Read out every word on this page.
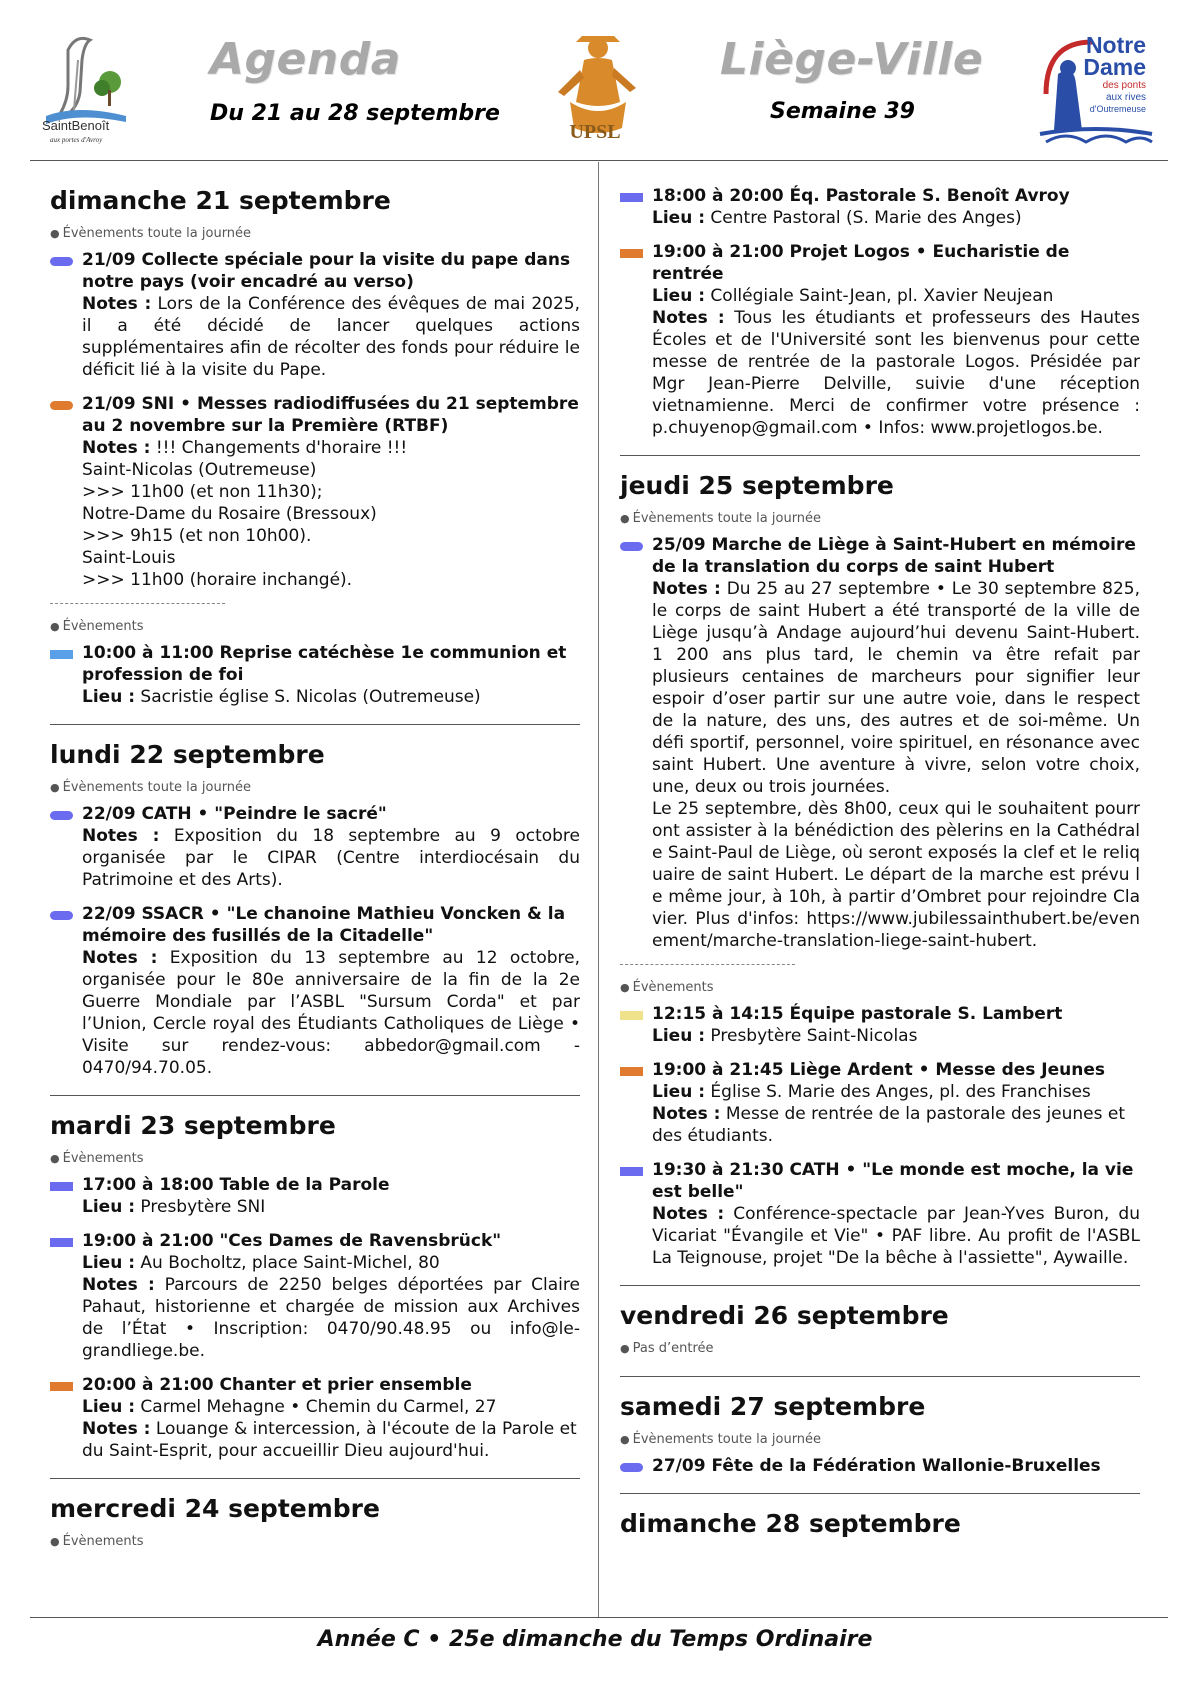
SaintBenoît
aux portes d'Avroy
Agenda
Du 21 au 28 septembre
UPSL
Liège-Ville
Semaine 39
Notre
Dame
des ponts
aux rives
d'Outremeuse
dimanche 21 septembre
● Évènements toute la journée
21/09 Collecte spéciale pour la visite du pape dans notre pays (voir encadré au verso)
Notes : Lors de la Conférence des évêques de mai 2025, il a été décidé de lancer quelques actions supplémentaires afin de récolter des fonds pour réduire le déficit lié à la visite du Pape.
21/09 SNI • Messes radiodiffusées du 21 septembre au 2 novembre sur la Première (RTBF)
Notes : !!! Changements d'horaire !!!
Saint-Nicolas (Outremeuse)
>>> 11h00 (et non 11h30);
Notre-Dame du Rosaire (Bressoux)
>>> 9h15 (et non 10h00).
Saint-Louis
>>> 11h00 (horaire inchangé).
● Évènements
10:00 à 11:00 Reprise catéchèse 1e communion et profession de foi
Lieu : Sacristie église S. Nicolas (Outremeuse)
lundi 22 septembre
● Évènements toute la journée
22/09 CATH • "Peindre le sacré"
Notes : Exposition du 18 septembre au 9 octobre organisée par le CIPAR (Centre interdiocésain du Patrimoine et des Arts).
22/09 SSACR • "Le chanoine Mathieu Voncken & la mémoire des fusillés de la Citadelle"
Notes : Exposition du 13 septembre au 12 octobre, organisée pour le 80e anniversaire de la fin de la 2e Guerre Mondiale par l’ASBL "Sursum Corda" et par l’Union, Cercle royal des Étudiants Catholiques de Liège • Visite sur rendez-vous: abbedor@gmail.com - 0470/94.70.05.
mardi 23 septembre
● Évènements
17:00 à 18:00 Table de la Parole
Lieu : Presbytère SNI
19:00 à 21:00 "Ces Dames de Ravensbrück"
Lieu : Au Bocholtz, place Saint-Michel, 80
Notes : Parcours de 2250 belges déportées par Claire Pahaut, historienne et chargée de mission aux Archives de l’État • Inscription: 0470/90.48.95 ou info@le-grandliege.be.
20:00 à 21:00 Chanter et prier ensemble
Lieu : Carmel Mehagne • Chemin du Carmel, 27
Notes : Louange & intercession, à l'écoute de la Parole et du Saint-Esprit, pour accueillir Dieu aujourd'hui.
mercredi 24 septembre
● Évènements
18:00 à 20:00 Éq. Pastorale S. Benoît Avroy
Lieu : Centre Pastoral (S. Marie des Anges)
19:00 à 21:00 Projet Logos • Eucharistie de rentrée
Lieu : Collégiale Saint-Jean, pl. Xavier Neujean
Notes : Tous les étudiants et professeurs des Hautes Écoles et de l'Université sont les bienvenus pour cette messe de rentrée de la pastorale Logos. Présidée par Mgr Jean-Pierre Delville, suivie d'une réception vietnamienne. Merci de confirmer votre présence : p.chuyenop@gmail.com • Infos: www.projetlogos.be.
jeudi 25 septembre
● Évènements toute la journée
25/09 Marche de Liège à Saint-Hubert en mémoire de la translation du corps de saint Hubert
Notes : Du 25 au 27 septembre • Le 30 septembre 825, le corps de saint Hubert a été transporté de la ville de Liège jusqu’à Andage aujourd’hui devenu Saint-Hubert. 1 200 ans plus tard, le chemin va être refait par plusieurs centaines de marcheurs pour signifier leur espoir d’oser partir sur une autre voie, dans le respect de la nature, des uns, des autres et de soi-même. Un défi sportif, personnel, voire spirituel, en résonance avec saint Hubert. Une aventure à vivre, selon votre choix, une, deux ou trois journées.
Le 25 septembre, dès 8h00, ceux qui le souhaitent pourront assister à la bénédiction des pèlerins en la Cathédrale Saint-Paul de Liège, où seront exposés la clef et le reliquaire de saint Hubert. Le départ de la marche est prévu le même jour, à 10h, à partir d’Ombret pour rejoindre Clavier. Plus d'infos: https://www.jubilessainthubert.be/evenement/marche-translation-liege-saint-hubert.
● Évènements
12:15 à 14:15 Équipe pastorale S. Lambert
Lieu : Presbytère Saint-Nicolas
19:00 à 21:45 Liège Ardent • Messe des Jeunes
Lieu : Église S. Marie des Anges, pl. des Franchises
Notes : Messe de rentrée de la pastorale des jeunes et des étudiants.
19:30 à 21:30 CATH • "Le monde est moche, la vie est belle"
Notes : Conférence-spectacle par Jean-Yves Buron, du Vicariat "Évangile et Vie" • PAF libre. Au profit de l'ASBL La Teignouse, projet "De la bêche à l'assiette", Aywaille.
vendredi 26 septembre
● Pas d’entrée
samedi 27 septembre
● Évènements toute la journée
27/09 Fête de la Fédération Wallonie-Bruxelles
dimanche 28 septembre
Année C • 25e dimanche du Temps Ordinaire
